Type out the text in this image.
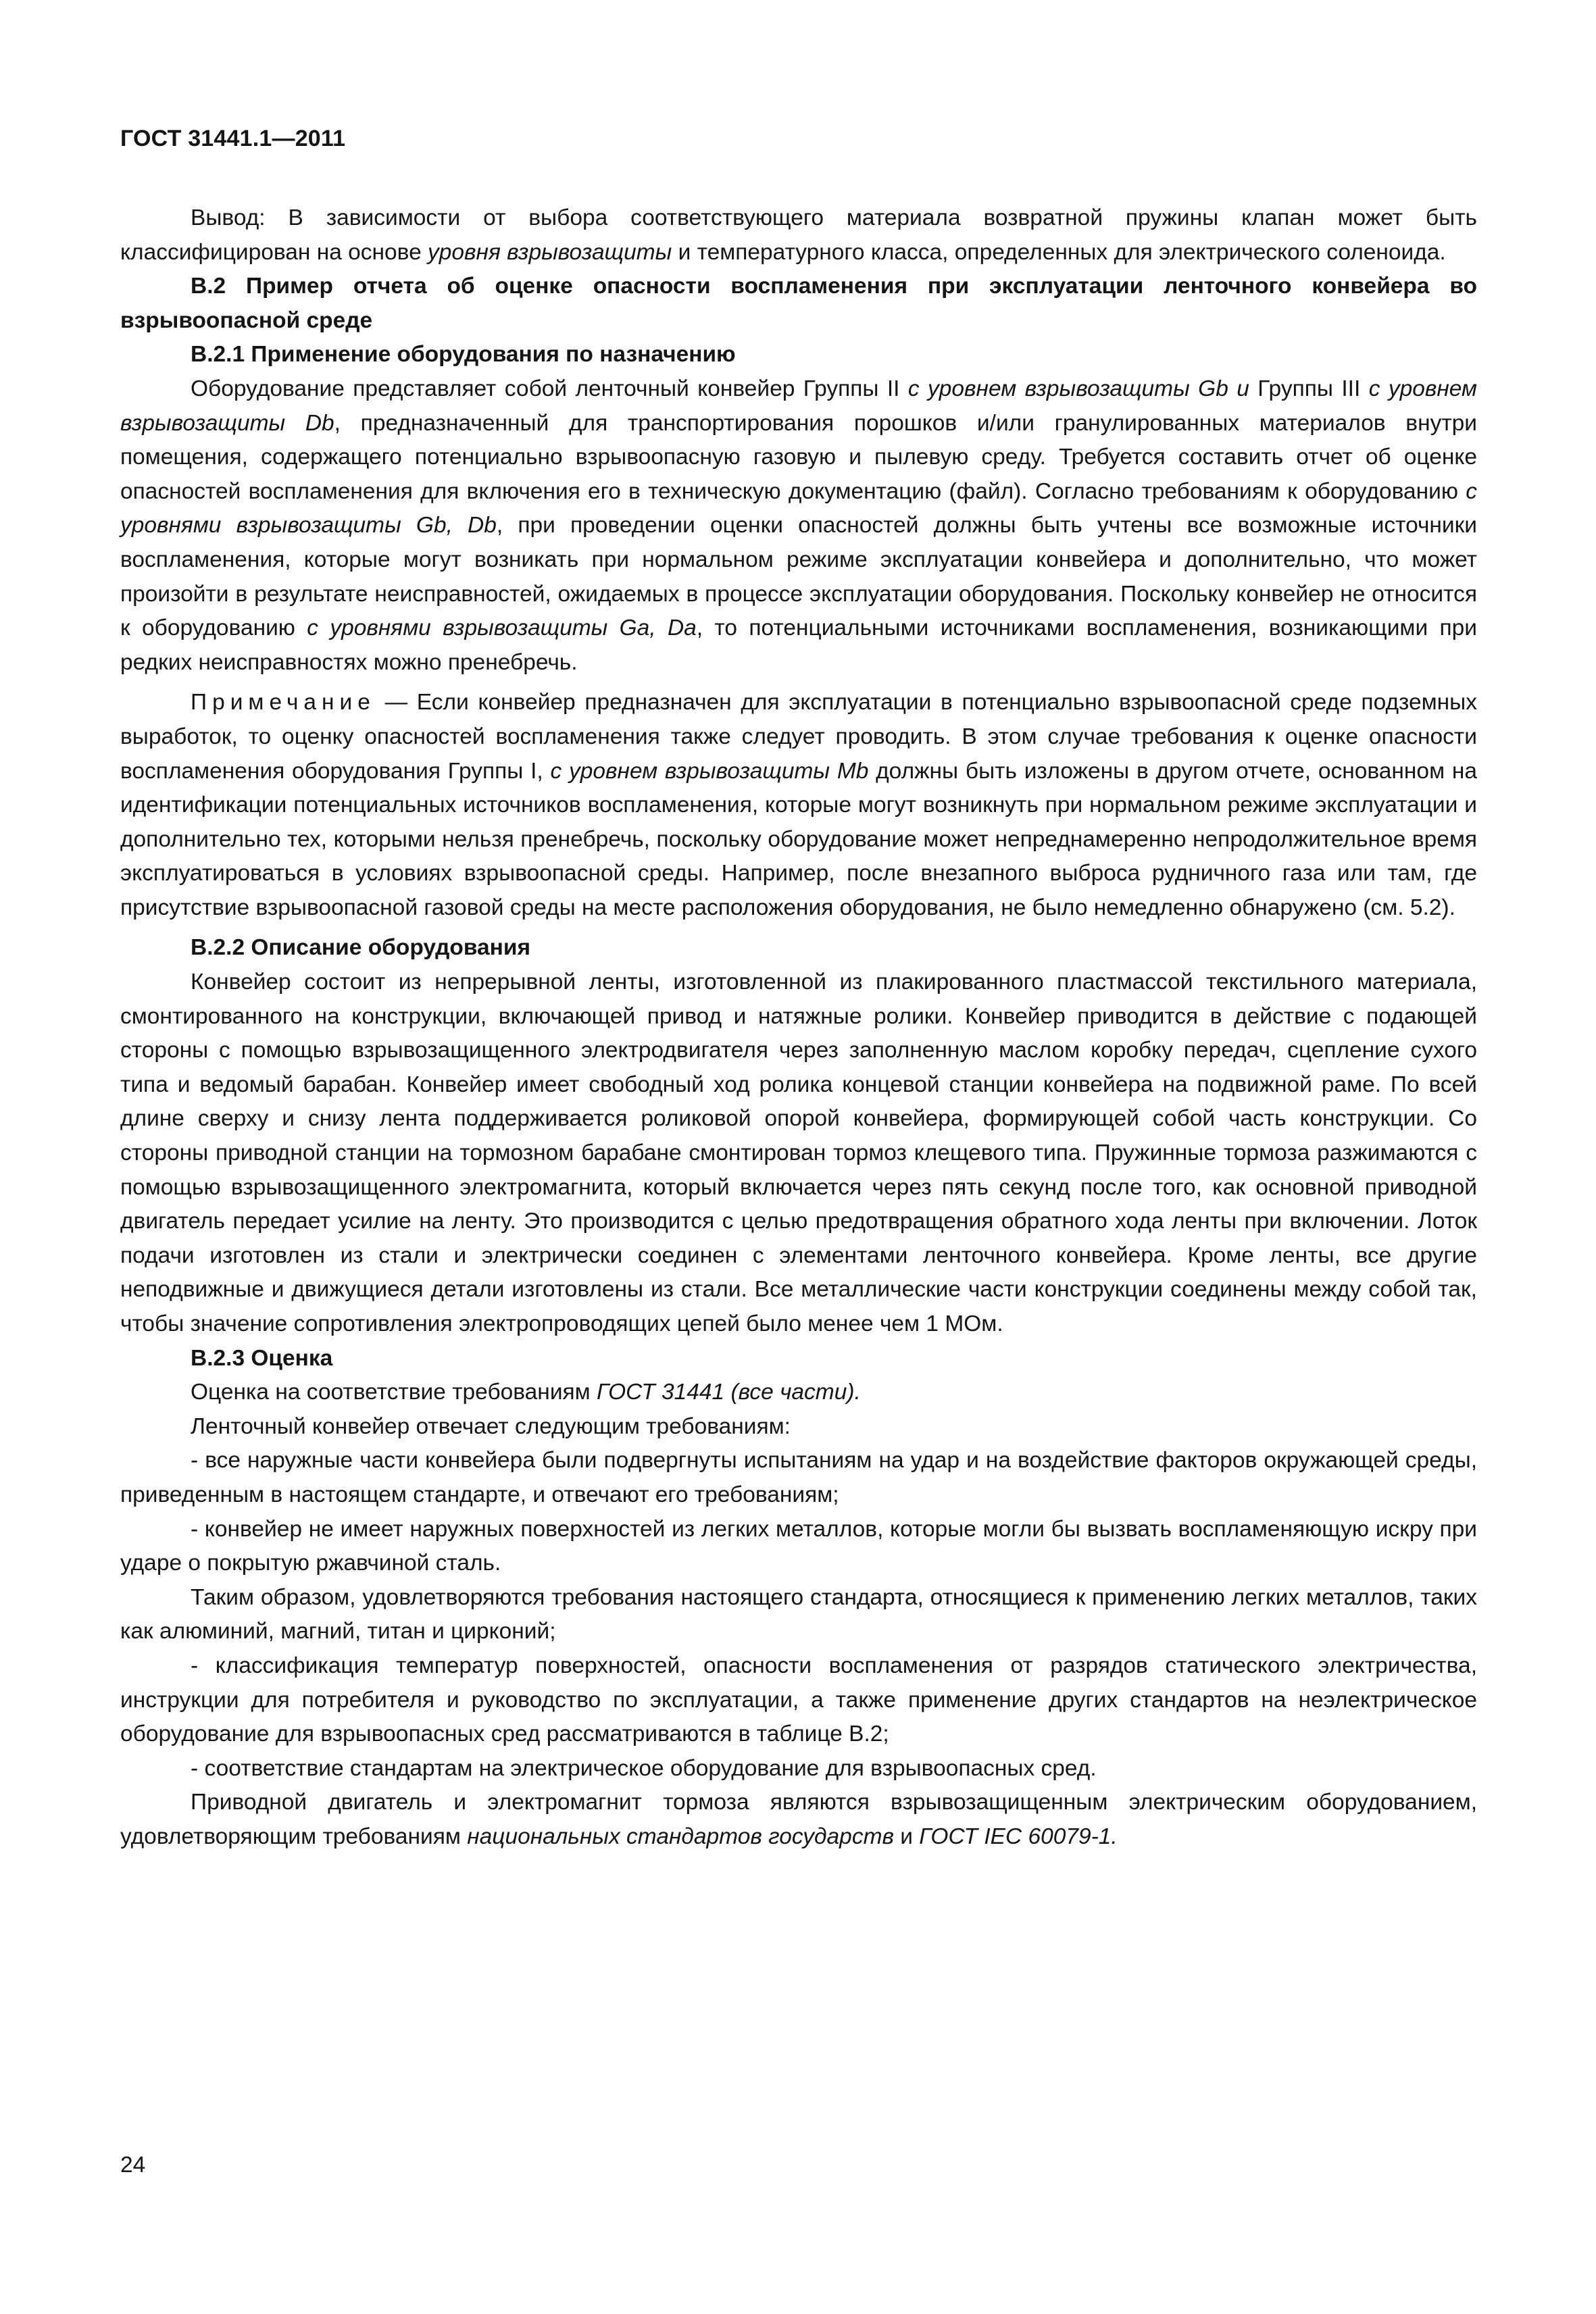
ГОСТ 31441.1—2011

Вывод: В зависимости от выбора соответствующего материала возвратной пружины клапан может быть классифицирован на основе уровня взрывозащиты и температурного класса, определенных для электрического соленоида.

В.2 Пример отчета об оценке опасности воспламенения при эксплуатации ленточного конвейера во взрывоопасной среде

В.2.1 Применение оборудования по назначению

Оборудование представляет собой ленточный конвейер Группы II с уровнем взрывозащиты Gb и Группы III с уровнем взрывозащиты Db, предназначенный для транспортирования порошков и/или гранулированных материалов внутри помещения, содержащего потенциально взрывоопасную газовую и пылевую среду. Требуется составить отчет об оценке опасностей воспламенения для включения его в техническую документацию (файл). Согласно требованиям к оборудованию с уровнями взрывозащиты Gb, Db, при проведении оценки опасностей должны быть учтены все возможные источники воспламенения, которые могут возникать при нормальном режиме эксплуатации конвейера и дополнительно, что может произойти в результате неисправностей, ожидаемых в процессе эксплуатации оборудования. Поскольку конвейер не относится к оборудованию с уровнями взрывозащиты Ga, Da, то потенциальными источниками воспламенения, возникающими при редких неисправностях можно пренебречь.

Примечание — Если конвейер предназначен для эксплуатации в потенциально взрывоопасной среде подземных выработок, то оценку опасностей воспламенения также следует проводить. В этом случае требования к оценке опасности воспламенения оборудования Группы I, с уровнем взрывозащиты Mb должны быть изложены в другом отчете, основанном на идентификации потенциальных источников воспламенения, которые могут возникнуть при нормальном режиме эксплуатации и дополнительно тех, которыми нельзя пренебречь, поскольку оборудование может непреднамеренно непродолжительное время эксплуатироваться в условиях взрывоопасной среды. Например, после внезапного выброса рудничного газа или там, где присутствие взрывоопасной газовой среды на месте расположения оборудования, не было немедленно обнаружено (см. 5.2).

В.2.2 Описание оборудования

Конвейер состоит из непрерывной ленты, изготовленной из плакированного пластмассой текстильного материала, смонтированного на конструкции, включающей привод и натяжные ролики. Конвейер приводится в действие с подающей стороны с помощью взрывозащищенного электродвигателя через заполненную маслом коробку передач, сцепление сухого типа и ведомый барабан. Конвейер имеет свободный ход ролика концевой станции конвейера на подвижной раме. По всей длине сверху и снизу лента поддерживается роликовой опорой конвейера, формирующей собой часть конструкции. Со стороны приводной станции на тормозном барабане смонтирован тормоз клещевого типа. Пружинные тормоза разжимаются с помощью взрывозащищенного электромагнита, который включается через пять секунд после того, как основной приводной двигатель передает усилие на ленту. Это производится с целью предотвращения обратного хода ленты при включении. Лоток подачи изготовлен из стали и электрически соединен с элементами ленточного конвейера. Кроме ленты, все другие неподвижные и движущиеся детали изготовлены из стали. Все металлические части конструкции соединены между собой так, чтобы значение сопротивления электропроводящих цепей было менее чем 1 МОм.

В.2.3 Оценка

Оценка на соответствие требованиям ГОСТ 31441 (все части).

Ленточный конвейер отвечает следующим требованиям:

- все наружные части конвейера были подвергнуты испытаниям на удар и на воздействие факторов окружающей среды, приведенным в настоящем стандарте, и отвечают его требованиям;

- конвейер не имеет наружных поверхностей из легких металлов, которые могли бы вызвать воспламеняющую искру при ударе о покрытую ржавчиной сталь.

Таким образом, удовлетворяются требования настоящего стандарта, относящиеся к применению легких металлов, таких как алюминий, магний, титан и цирконий;

- классификация температур поверхностей, опасности воспламенения от разрядов статического электричества, инструкции для потребителя и руководство по эксплуатации, а также применение других стандартов на неэлектрическое оборудование для взрывоопасных сред рассматриваются в таблице В.2;

- соответствие стандартам на электрическое оборудование для взрывоопасных сред.

Приводной двигатель и электромагнит тормоза являются взрывозащищенным электрическим оборудованием, удовлетворяющим требованиям национальных стандартов государств и ГОСТ IEC 60079-1.

24
